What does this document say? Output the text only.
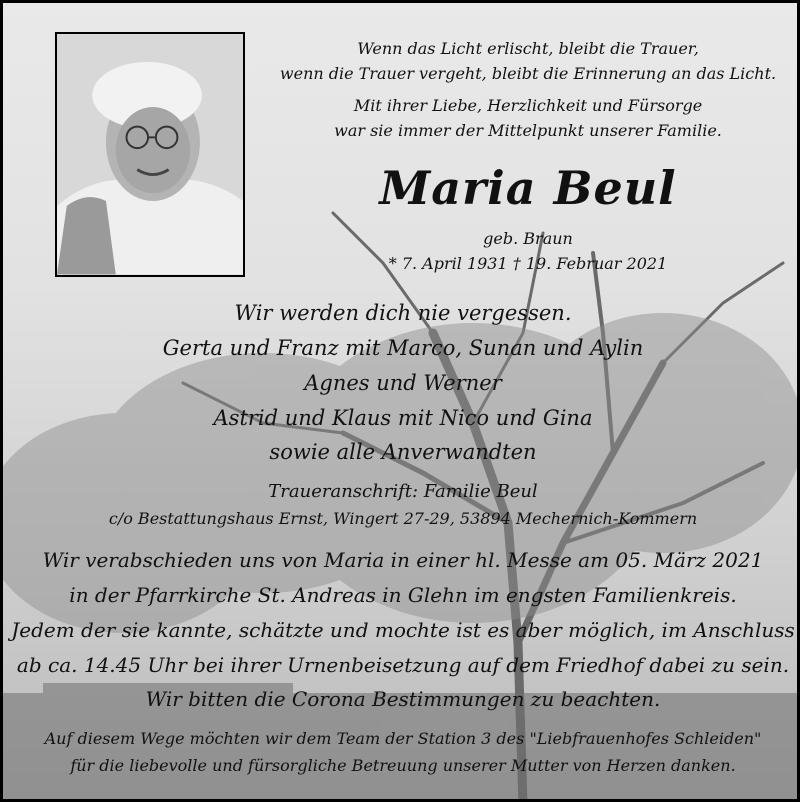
Wenn das Licht erlischt, bleibt die Trauer,

wenn die Trauer vergeht, bleibt die Erinnerung an das Licht.

Mit ihrer Liebe, Herzlichkeit und Fürsorge

war sie immer der Mittelpunkt unserer Familie.

Maria Beul

geb. Braun

* 7. April 1931 † 19. Februar 2021

Wir werden dich nie vergessen.

Gerta und Franz mit Marco, Sunan und Aylin

Agnes und Werner

Astrid und Klaus mit Nico und Gina

sowie alle Anverwandten

Traueranschrift: Familie Beul

c/o Bestattungshaus Ernst, Wingert 27-29, 53894 Mechernich-Kommern

Wir verabschieden uns von Maria in einer hl. Messe am 05. März 2021

in der Pfarrkirche St. Andreas in Glehn im engsten Familienkreis.

Jedem der sie kannte, schätzte und mochte ist es aber möglich, im Anschluss

ab ca. 14.45 Uhr bei ihrer Urnenbeisetzung auf dem Friedhof dabei zu sein.

Wir bitten die Corona Bestimmungen zu beachten.

Auf diesem Wege möchten wir dem Team der Station 3 des "Liebfrauenhofes Schleiden"

für die liebevolle und fürsorgliche Betreuung unserer Mutter von Herzen danken.
